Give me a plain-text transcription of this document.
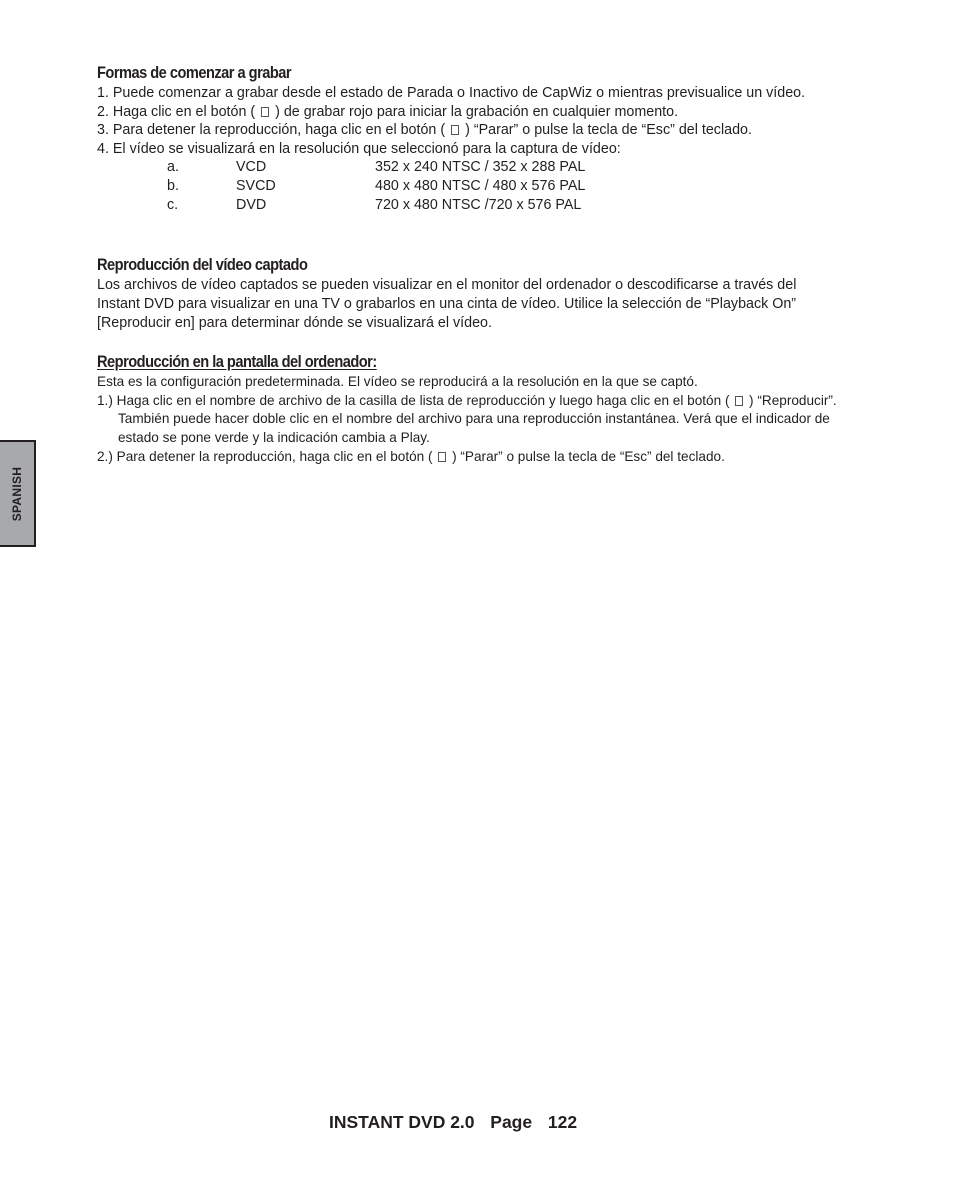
SPANISH

Formas de comenzar a grabar

1. Puede comenzar a grabar desde el estado de Parada o Inactivo de CapWiz o mientras previsualice un vídeo.

2. Haga clic en el botón ( ) de grabar rojo para iniciar la grabación en cualquier momento.

3. Para detener la reproducción, haga clic en el botón ( ) “Parar” o pulse la tecla de “Esc” del teclado.

4. El vídeo se visualizará en la resolución que seleccionó para la captura de vídeo:

a.	VCD	352 x 240 NTSC / 352 x 288 PAL
b.	SVCD	480 x 480 NTSC / 480 x 576 PAL
c.	DVD	720 x 480 NTSC /720 x 576 PAL

Reproducción del vídeo captado

Los archivos de vídeo captados se pueden visualizar en el monitor del ordenador o descodificarse a través del

Instant DVD para visualizar en una TV o grabarlos en una cinta de vídeo. Utilice la selección de “Playback On”

[Reproducir en] para determinar dónde se visualizará el vídeo.

Reproducción en la pantalla del ordenador:

Esta es la configuración predeterminada. El vídeo se reproducirá a la resolución en la que se captó.

1.) Haga clic en el nombre de archivo de la casilla de lista de reproducción y luego haga clic en el botón ( ) “Reproducir”.

También puede hacer doble clic en el nombre del archivo para una reproducción instantánea. Verá que el indicador de

estado se pone verde y la indicación cambia a Play.

2.) Para detener la reproducción, haga clic en el botón ( ) “Parar” o pulse la tecla de “Esc” del teclado.

INSTANT DVD 2.0 Page 122
